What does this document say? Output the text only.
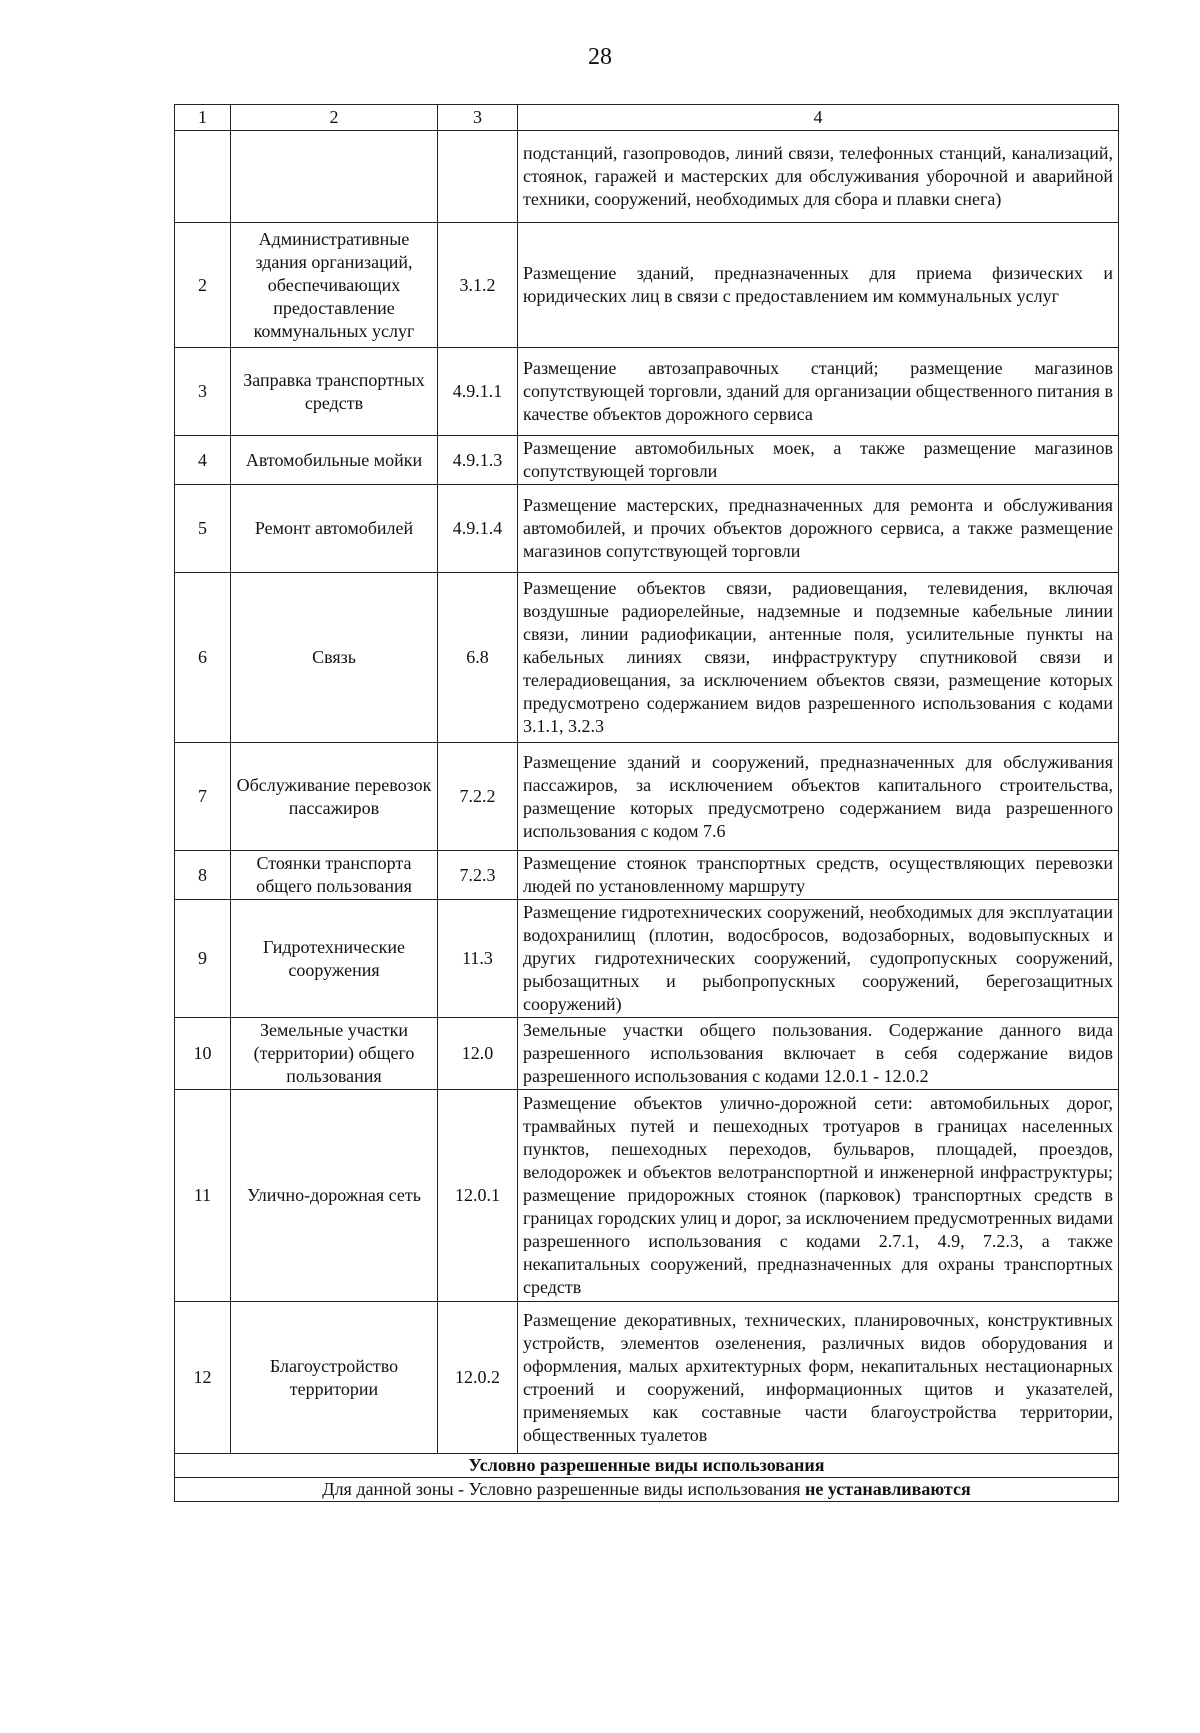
28
1	2	3	4
			подстанций, газопроводов, линий связи, телефонных станций, канализаций, стоянок, гаражей и мастерских для обслуживания уборочной и аварийной техники, сооружений, необходимых для сбора и плавки снега)
2	Административные здания организаций, обеспечивающих предоставление коммунальных услуг	3.1.2	Размещение зданий, предназначенных для приема физических и юридических лиц в связи с предоставлением им коммунальных услуг
3	Заправка транспортных средств	4.9.1.1	Размещение автозаправочных станций; размещение магазинов сопутствующей торговли, зданий для организации общественного питания в качестве объектов дорожного сервиса
4	Автомобильные мойки	4.9.1.3	Размещение автомобильных моек, а также размещение магазинов сопутствующей торговли
5	Ремонт автомобилей	4.9.1.4	Размещение мастерских, предназначенных для ремонта и обслуживания автомобилей, и прочих объектов дорожного сервиса, а также размещение магазинов сопутствующей торговли
6	Связь	6.8	Размещение объектов связи, радиовещания, телевидения, включая воздушные радиорелейные, надземные и подземные кабельные линии связи, линии радиофикации, антенные поля, усилительные пункты на кабельных линиях связи, инфраструктуру спутниковой связи и телерадиовещания, за исключением объектов связи, размещение которых предусмотрено содержанием видов разрешенного использования с кодами 3.1.1, 3.2.3
7	Обслуживание перевозок пассажиров	7.2.2	Размещение зданий и сооружений, предназначенных для обслуживания пассажиров, за исключением объектов капитального строительства, размещение которых предусмотрено содержанием вида разрешенного использования с кодом 7.6
8	Стоянки транспорта общего пользования	7.2.3	Размещение стоянок транспортных средств, осуществляющих перевозки людей по установленному маршруту
9	Гидротехнические сооружения	11.3	Размещение гидротехнических сооружений, необходимых для эксплуатации водохранилищ (плотин, водосбросов, водозаборных, водовыпускных и других гидротехнических сооружений, судопропускных сооружений, рыбозащитных и рыбопропускных сооружений, берегозащитных сооружений)
10	Земельные участки (территории) общего пользования	12.0	Земельные участки общего пользования. Содержание данного вида разрешенного использования включает в себя содержание видов разрешенного использования с кодами 12.0.1 - 12.0.2
11	Улично-дорожная сеть	12.0.1	Размещение объектов улично-дорожной сети: автомобильных дорог, трамвайных путей и пешеходных тротуаров в границах населенных пунктов, пешеходных переходов, бульваров, площадей, проездов, велодорожек и объектов велотранспортной и инженерной инфраструктуры; размещение придорожных стоянок (парковок) транспортных средств в границах городских улиц и дорог, за исключением предусмотренных видами разрешенного использования с кодами 2.7.1, 4.9, 7.2.3, а также некапитальных сооружений, предназначенных для охраны транспортных средств
12	Благоустройство территории	12.0.2	Размещение декоративных, технических, планировочных, конструктивных устройств, элементов озеленения, различных видов оборудования и оформления, малых архитектурных форм, некапитальных нестационарных строений и сооружений, информационных щитов и указателей, применяемых как составные части благоустройства территории, общественных туалетов
Условно разрешенные виды использования			
Для данной зоны - Условно разрешенные виды использования не устанавливаются			
